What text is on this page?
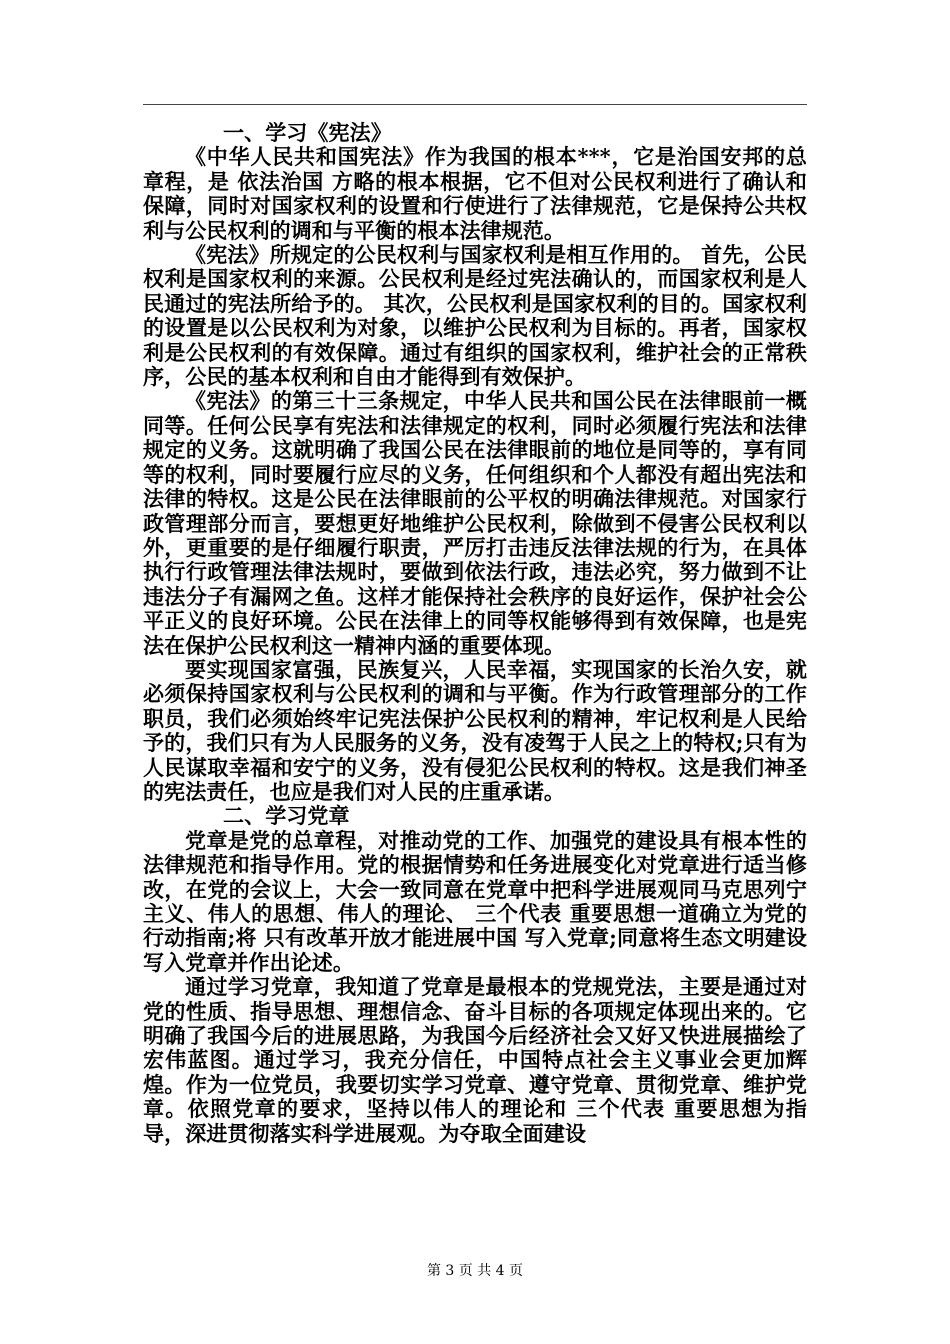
一、学习《宪法》

《中华人民共和国宪法》作为我国的根本***，它是治国安邦的总章程，是 依法治国 方略的根本根据，它不但对公民权利进行了确认和保障，同时对国家权利的设置和行使进行了法律规范，它是保持公共权利与公民权利的调和与平衡的根本法律规范。

《宪法》所规定的公民权利与国家权利是相互作用的。 首先，公民权利是国家权利的来源。公民权利是经过宪法确认的，而国家权利是人民通过的宪法所给予的。 其次，公民权利是国家权利的目的。国家权利的设置是以公民权利为对象，以维护公民权利为目标的。再者，国家权利是公民权利的有效保障。通过有组织的国家权利，维护社会的正常秩序，公民的基本权利和自由才能得到有效保护。

《宪法》的第三十三条规定，中华人民共和国公民在法律眼前一概同等。任何公民享有宪法和法律规定的权利，同时必须履行宪法和法律规定的义务。这就明确了我国公民在法律眼前的地位是同等的，享有同等的权利，同时要履行应尽的义务，任何组织和个人都没有超出宪法和法律的特权。这是公民在法律眼前的公平权的明确法律规范。对国家行政管理部分而言，要想更好地维护公民权利，除做到不侵害公民权利以外，更重要的是仔细履行职责，严厉打击违反法律法规的行为，在具体执行行政管理法律法规时，要做到依法行政，违法必究，努力做到不让违法分子有漏网之鱼。这样才能保持社会秩序的良好运作，保护社会公平正义的良好环境。公民在法律上的同等权能够得到有效保障，也是宪法在保护公民权利这一精神内涵的重要体现。

要实现国家富强，民族复兴，人民幸福，实现国家的长治久安，就必须保持国家权利与公民权利的调和与平衡。作为行政管理部分的工作职员，我们必须始终牢记宪法保护公民权利的精神，牢记权利是人民给予的，我们只有为人民服务的义务，没有凌驾于人民之上的特权;只有为人民谋取幸福和安宁的义务，没有侵犯公民权利的特权。这是我们神圣的宪法责任，也应是我们对人民的庄重承诺。

二、学习党章

党章是党的总章程，对推动党的工作、加强党的建设具有根本性的法律规范和指导作用。党的根据情势和任务进展变化对党章进行适当修改，在党的会议上，大会一致同意在党章中把科学进展观同马克思列宁主义、伟人的思想、伟人的理论、 三个代表 重要思想一道确立为党的行动指南;将 只有改革开放才能进展中国 写入党章;同意将生态文明建设写入党章并作出论述。

通过学习党章，我知道了党章是最根本的党规党法，主要是通过对党的性质、指导思想、理想信念、奋斗目标的各项规定体现出来的。它明确了我国今后的进展思路，为我国今后经济社会又好又快进展描绘了宏伟蓝图。通过学习，我充分信任，中国特点社会主义事业会更加辉煌。作为一位党员，我要切实学习党章、遵守党章、贯彻党章、维护党章。依照党章的要求，坚持以伟人的理论和 三个代表 重要思想为指导，深进贯彻落实科学进展观。为夺取全面建设

第 3 页 共 4 页
